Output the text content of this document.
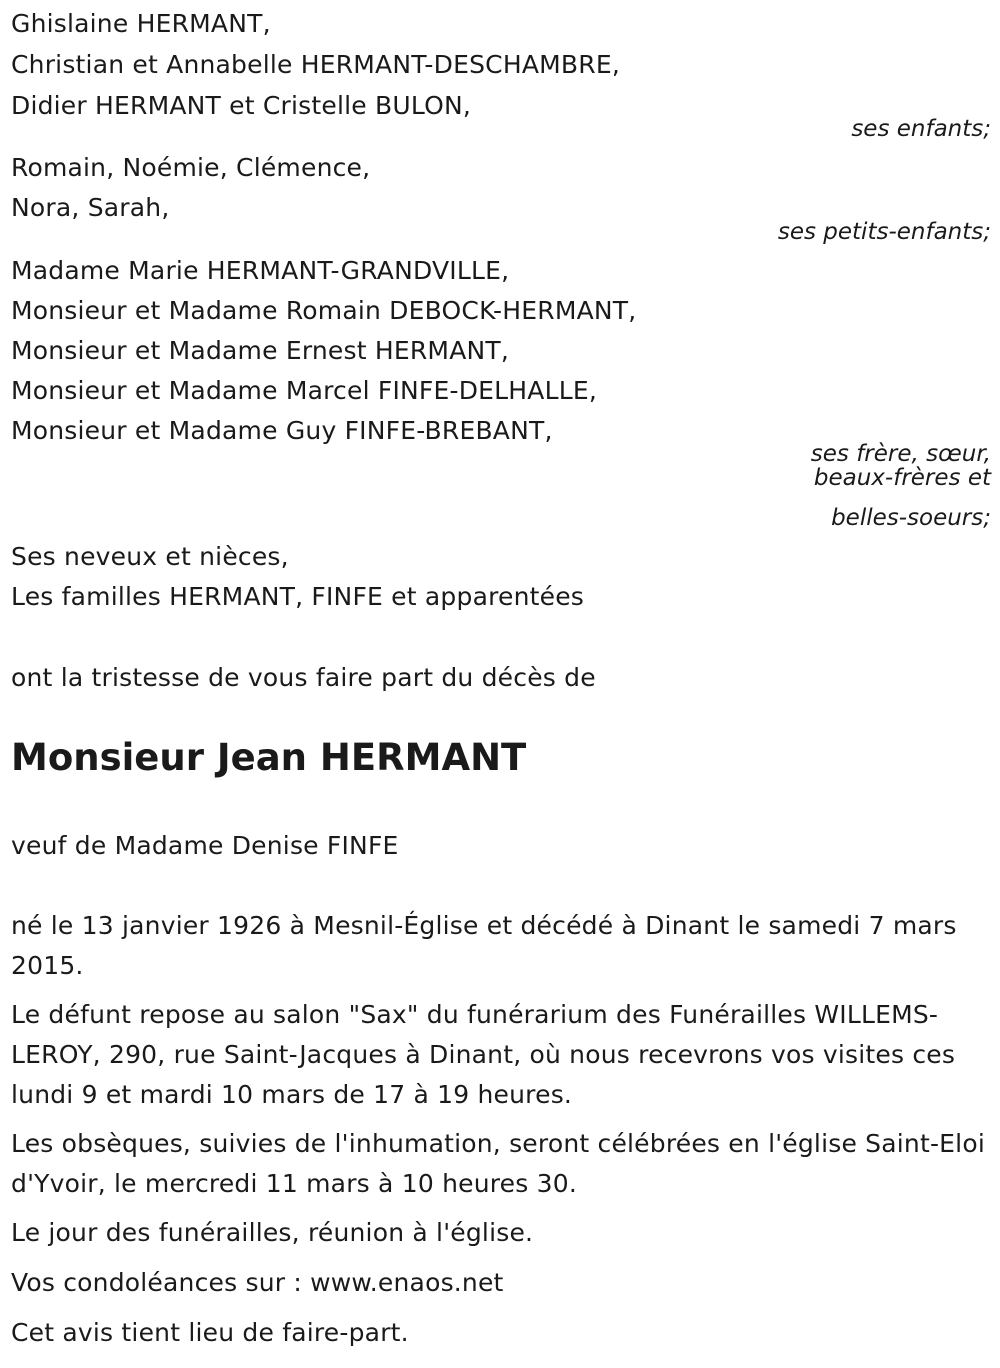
Ghislaine HERMANT,
Christian et Annabelle HERMANT-DESCHAMBRE,
Didier HERMANT et Cristelle BULON,
ses enfants;
Romain, Noémie, Clémence,
Nora, Sarah,
ses petits-enfants;
Madame Marie HERMANT-GRANDVILLE,
Monsieur et Madame Romain DEBOCK-HERMANT,
Monsieur et Madame Ernest HERMANT,
Monsieur et Madame Marcel FINFE-DELHALLE,
Monsieur et Madame Guy FINFE-BREBANT,
ses frère, sœur,
beaux-frères et
belles-soeurs;
Ses neveux et nièces,
Les familles HERMANT, FINFE et apparentées
ont la tristesse de vous faire part du décès de
Monsieur Jean HERMANT
veuf de Madame Denise FINFE
né le 13 janvier 1926 à Mesnil-Église et décédé à Dinant le samedi 7 mars 2015.
Le défunt repose au salon "Sax" du funérarium des Funérailles WILLEMS-LEROY, 290, rue Saint-Jacques à Dinant, où nous recevrons vos visites ces lundi 9 et mardi 10 mars de 17 à 19 heures.
Les obsèques, suivies de l'inhumation, seront célébrées en l'église Saint-Eloi d'Yvoir, le mercredi 11 mars à 10 heures 30.
Le jour des funérailles, réunion à l'église.
Vos condoléances sur : www.enaos.net
Cet avis tient lieu de faire-part.
